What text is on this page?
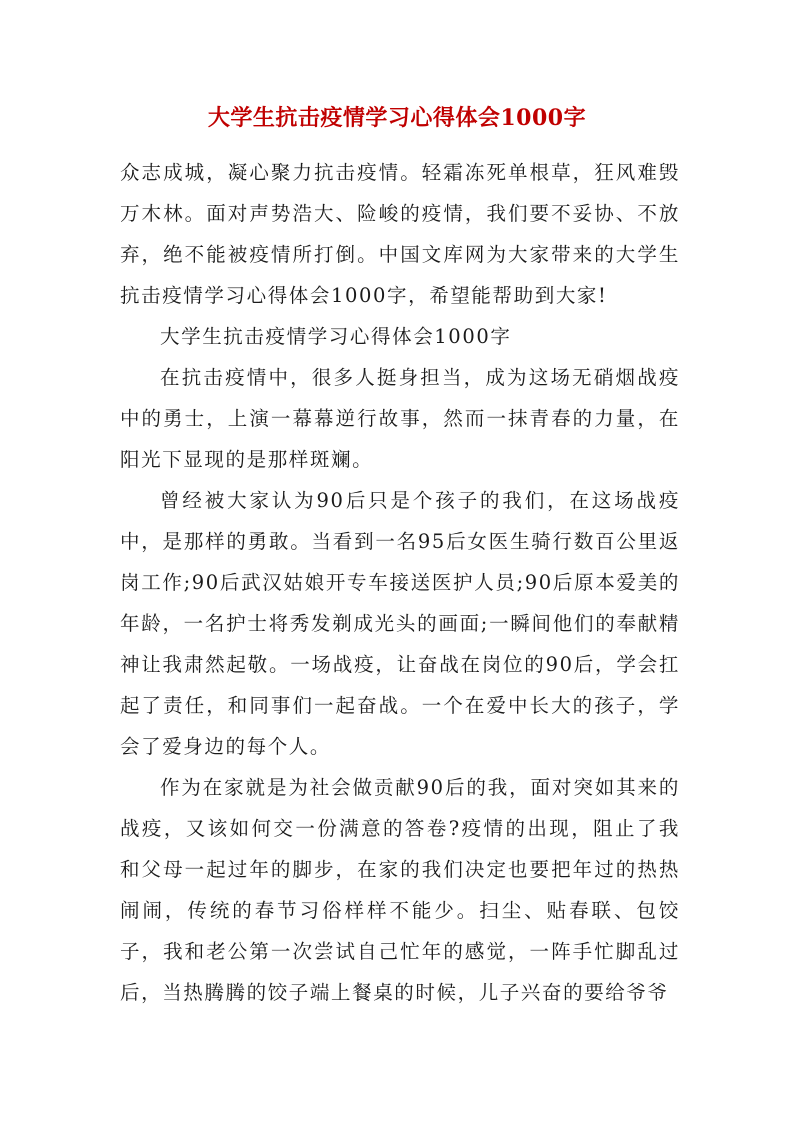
大学生抗击疫情学习心得体会1000字

众志成城，凝心聚力抗击疫情。轻霜冻死单根草，狂风难毁万木林。面对声势浩大、险峻的疫情，我们要不妥协、不放弃，绝不能被疫情所打倒。中国文库网为大家带来的大学生抗击疫情学习心得体会1000字，希望能帮助到大家!

大学生抗击疫情学习心得体会1000字

在抗击疫情中，很多人挺身担当，成为这场无硝烟战疫中的勇士，上演一幕幕逆行故事，然而一抹青春的力量，在阳光下显现的是那样斑斓。

曾经被大家认为90后只是个孩子的我们，在这场战疫中，是那样的勇敢。当看到一名95后女医生骑行数百公里返岗工作;90后武汉姑娘开专车接送医护人员;90后原本爱美的年龄，一名护士将秀发剃成光头的画面;一瞬间他们的奉献精神让我肃然起敬。一场战疫，让奋战在岗位的90后，学会扛起了责任，和同事们一起奋战。一个在爱中长大的孩子，学会了爱身边的每个人。

作为在家就是为社会做贡献90后的我，面对突如其来的战疫，又该如何交一份满意的答卷?疫情的出现，阻止了我和父母一起过年的脚步，在家的我们决定也要把年过的热热闹闹，传统的春节习俗样样不能少。扫尘、贴春联、包饺子，我和老公第一次尝试自己忙年的感觉，一阵手忙脚乱过后，当热腾腾的饺子端上餐桌的时候，儿子兴奋的要给爷爷
